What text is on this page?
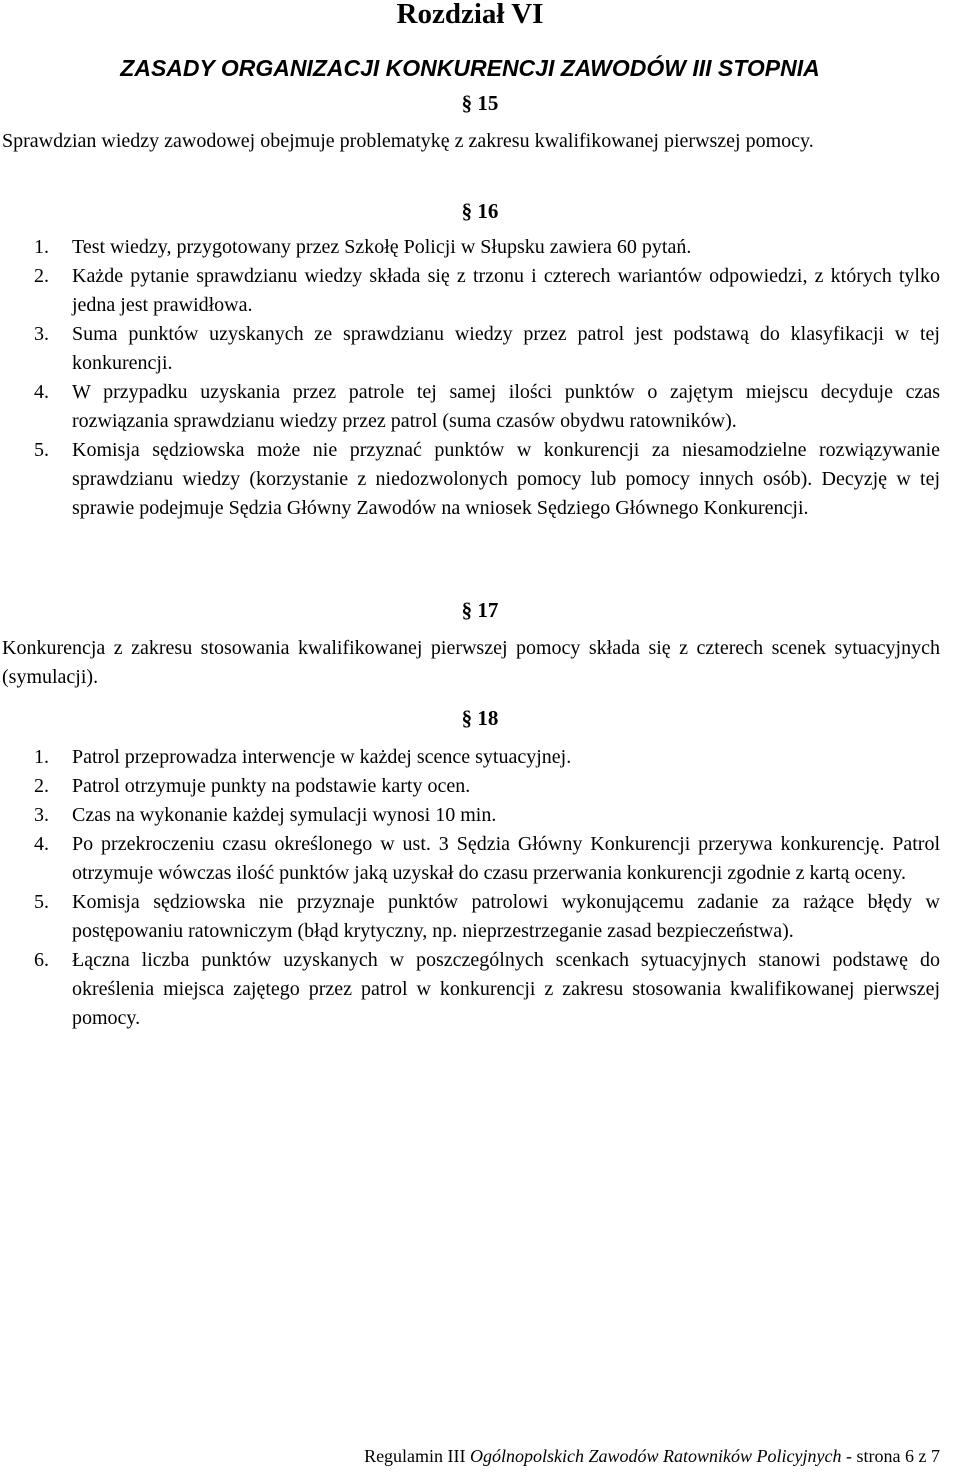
Rozdział VI
ZASADY ORGANIZACJI KONKURENCJI ZAWODÓW III STOPNIA
§ 15
Sprawdzian wiedzy zawodowej obejmuje problematykę z zakresu kwalifikowanej pierwszej pomocy.
§ 16
1.	Test wiedzy, przygotowany przez Szkołę Policji w Słupsku zawiera 60 pytań.
2.	Każde pytanie sprawdzianu wiedzy składa się z trzonu i czterech wariantów odpowiedzi, z których tylko jedna jest prawidłowa.
3.	Suma punktów uzyskanych ze sprawdzianu wiedzy przez patrol jest podstawą do klasyfikacji w tej konkurencji.
4.	W przypadku uzyskania przez patrole tej samej ilości punktów o zajętym miejscu decyduje czas rozwiązania sprawdzianu wiedzy przez patrol (suma czasów obydwu ratowników).
5.	Komisja sędziowska może nie przyznać punktów w konkurencji za niesamodzielne rozwiązywanie sprawdzianu wiedzy (korzystanie z niedozwolonych pomocy lub pomocy innych osób). Decyzję w tej sprawie podejmuje Sędzia Główny Zawodów na wniosek Sędziego Głównego Konkurencji.
§ 17
Konkurencja z zakresu stosowania kwalifikowanej pierwszej pomocy składa się z czterech scenek sytuacyjnych (symulacji).
§ 18
1.	Patrol przeprowadza interwencje w każdej scence sytuacyjnej.
2.	Patrol otrzymuje punkty na podstawie karty ocen.
3.	Czas na wykonanie każdej symulacji wynosi 10 min.
4.	Po przekroczeniu czasu określonego w ust. 3 Sędzia Główny Konkurencji przerywa konkurencję. Patrol otrzymuje wówczas ilość punktów jaką uzyskał do czasu przerwania konkurencji zgodnie z kartą oceny.
5.	Komisja sędziowska nie przyznaje punktów patrolowi wykonującemu zadanie za rażące błędy w postępowaniu ratowniczym (błąd krytyczny, np. nieprzestrzeganie zasad bezpieczeństwa).
6.	Łączna liczba punktów uzyskanych w poszczególnych scenkach sytuacyjnych stanowi podstawę do określenia miejsca zajętego przez patrol w konkurencji z zakresu stosowania kwalifikowanej pierwszej pomocy.
Regulamin III Ogólnopolskich Zawodów Ratowników Policyjnych - strona 6 z 7
